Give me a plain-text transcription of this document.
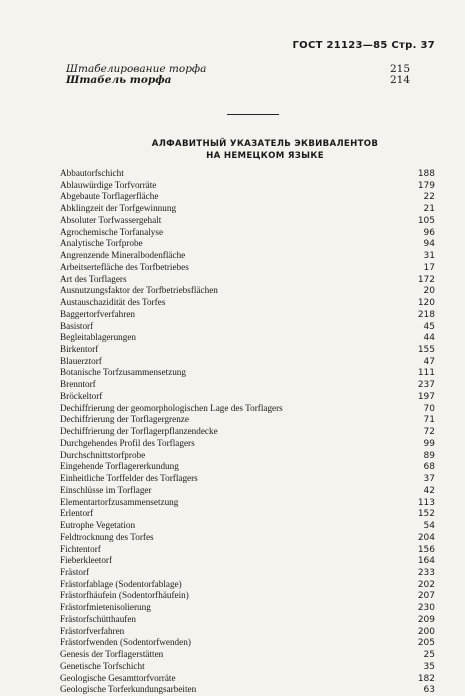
ГОСТ 21123—85 Стр. 37
Штабелирование торфа	215
Штабель торфа	214
АЛФАВИТНЫЙ УКАЗАТЕЛЬ ЭКВИВАЛЕНТОВ
НА НЕМЕЦКОМ ЯЗЫКЕ
Abbautorfschicht	188
Ablauwürdige Torfvorräte	179
Abgebaute Torflagerfläche	22
Abklingzeit der Torfgewinnung	21
Absoluter Torfwassergehalt	105
Agrochemische Torfanalyse	96
Analytische Torfprobe	94
Angrenzende Mineralbodenfläche	31
Arbeitsertefläche des Torfbetriebes	17
Art des Torflagers	172
Ausnutzungsfaktor der Torfbetriebsflächen	20
Austauschazidität des Torfes	120
Baggertorfverfahren	218
Basistorf	45
Begleitablagerungen	44
Birkentorf	155
Blauerztorf	47
Botanische Torfzusammensetzung	111
Brenntorf	237
Bröckeltorf	197
Dechiffrierung der geomorphologischen Lage des Torflagers	70
Dechiffrierung der Torflagergrenze	71
Dechiffrierung der Torflagerpflanzendecke	72
Durchgehendes Profil des Torflagers	99
Durchschnittstorfprobe	89
Eingehende Torflagererkundung	68
Einheitliche Torffelder des Torflagers	37
Einschlüsse im Torflager	42
Elementartorfzusammensetzung	113
Erlentorf	152
Eutrophe Vegetation	54
Feldtrocknung des Torfes	204
Fichtentorf	156
Fieberkleetorf	164
Frästorf	233
Frästorfablage (Sodentorfablage)	202
Frästorfhäufein (Sodentorfhäufein)	207
Frästorfmietenisolierung	230
Frästorfschütthaufen	209
Frästorfverfahren	200
Frästorfwenden (Sodentorfwenden)	205
Genesis der Torflagerstätten	25
Genetische Torfschicht	35
Geologische Gesamttorfvorräte	182
Geologische Torferkundungsarbeiten	63
